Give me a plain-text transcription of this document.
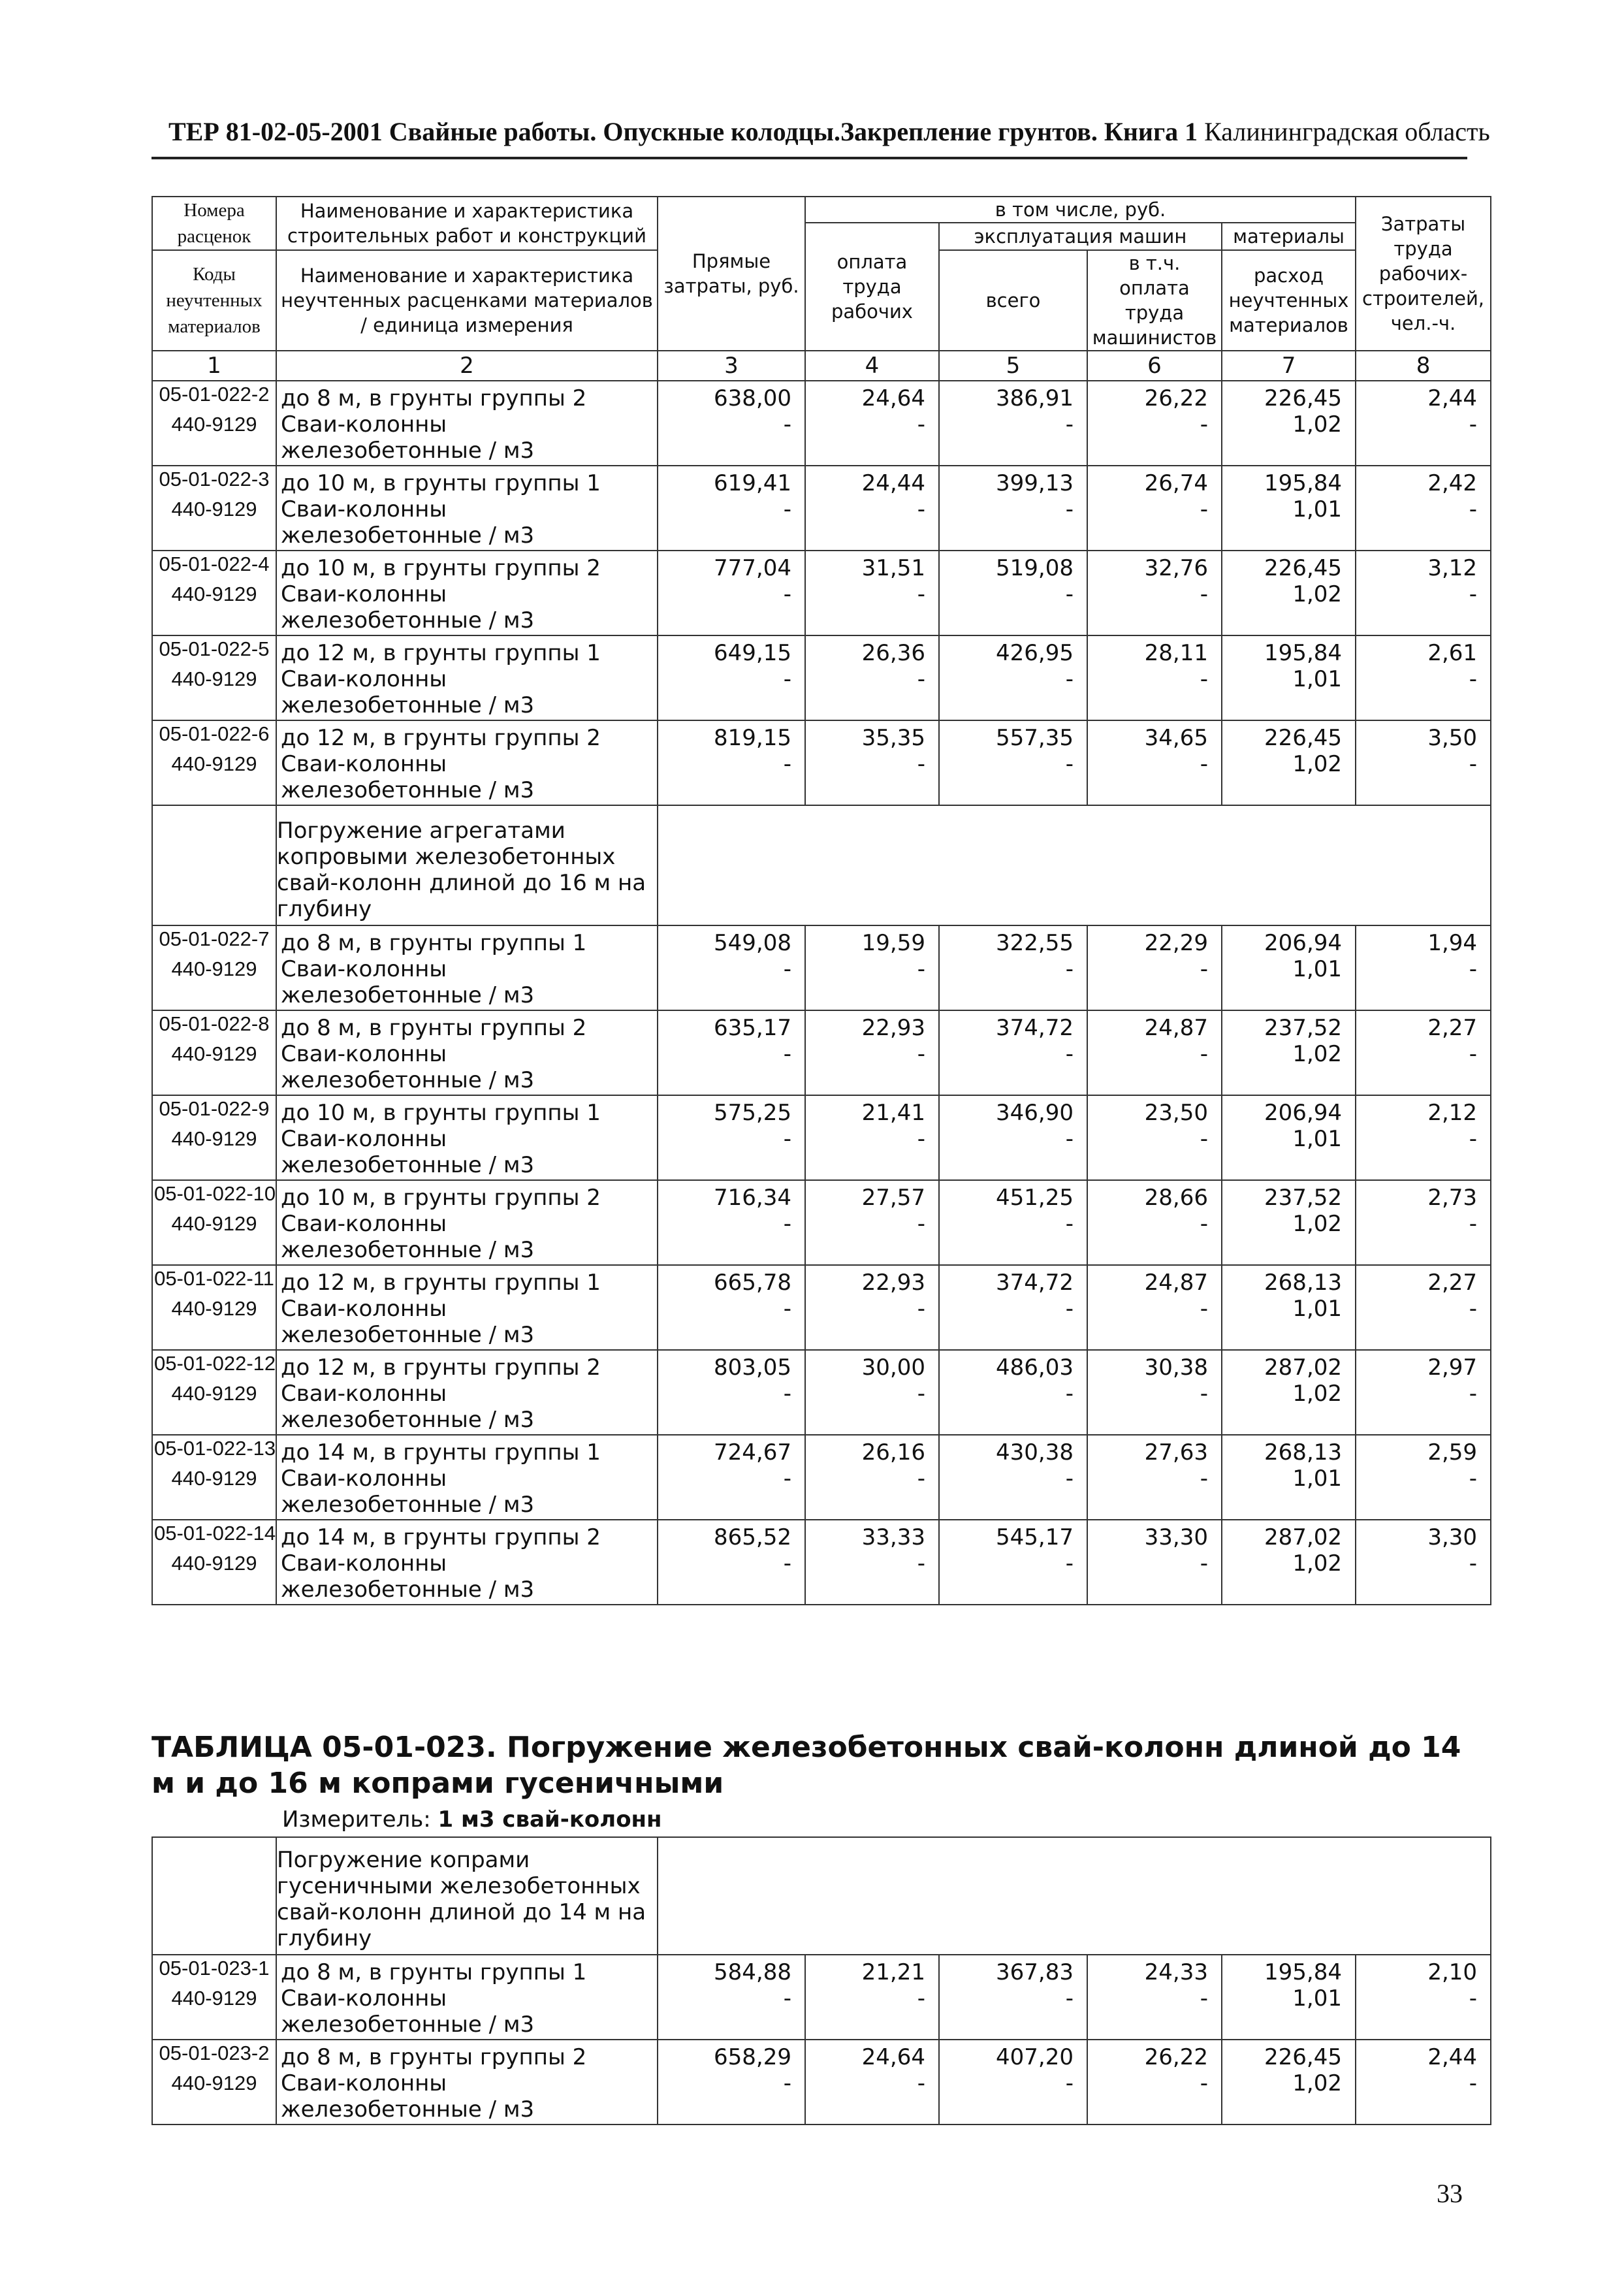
ТЕР 81-02-05-2001 Свайные работы. Опускные колодцы.Закрепление грунтов. Книга 1 Калининградская область
Номера расценок	Наименование и характеристика строительных работ и конструкций	Прямые затраты, руб.	в том числе, руб.				Затраты труда рабочих-строителей, чел.-ч.
			оплата труда рабочих	эксплуатация машин		материалы	
Коды неучтенных материалов	Наименование и характеристика неучтенных расценками материалов / единица измерения			всего	в т.ч. оплата труда машинистов	расход неучтенных материалов	

1	2	3	4	5	6	7	8
05-01-022-2	до 8 м, в грунты группы 2	638,00	24,64	386,91	26,22	226,45	2,44
440-9129	Сваи-колонны железобетонные / м3	-	-	-	-	1,02	-
05-01-022-3	до 10 м, в грунты группы 1	619,41	24,44	399,13	26,74	195,84	2,42
440-9129	Сваи-колонны железобетонные / м3	-	-	-	-	1,01	-
05-01-022-4	до 10 м, в грунты группы 2	777,04	31,51	519,08	32,76	226,45	3,12
440-9129	Сваи-колонны железобетонные / м3	-	-	-	-	1,02	-
05-01-022-5	до 12 м, в грунты группы 1	649,15	26,36	426,95	28,11	195,84	2,61
440-9129	Сваи-колонны железобетонные / м3	-	-	-	-	1,01	-
05-01-022-6	до 12 м, в грунты группы 2	819,15	35,35	557,35	34,65	226,45	3,50
440-9129	Сваи-колонны железобетонные / м3	-	-	-	-	1,02	-
	Погружение агрегатами копровыми железобетонных свай-колонн длиной до 16 м на глубину						
05-01-022-7	до 8 м, в грунты группы 1	549,08	19,59	322,55	22,29	206,94	1,94
440-9129	Сваи-колонны железобетонные / м3	-	-	-	-	1,01	-
05-01-022-8	до 8 м, в грунты группы 2	635,17	22,93	374,72	24,87	237,52	2,27
440-9129	Сваи-колонны железобетонные / м3	-	-	-	-	1,02	-
05-01-022-9	до 10 м, в грунты группы 1	575,25	21,41	346,90	23,50	206,94	2,12
440-9129	Сваи-колонны железобетонные / м3	-	-	-	-	1,01	-
05-01-022-10	до 10 м, в грунты группы 2	716,34	27,57	451,25	28,66	237,52	2,73
440-9129	Сваи-колонны железобетонные / м3	-	-	-	-	1,02	-
05-01-022-11	до 12 м, в грунты группы 1	665,78	22,93	374,72	24,87	268,13	2,27
440-9129	Сваи-колонны железобетонные / м3	-	-	-	-	1,01	-
05-01-022-12	до 12 м, в грунты группы 2	803,05	30,00	486,03	30,38	287,02	2,97
440-9129	Сваи-колонны железобетонные / м3	-	-	-	-	1,02	-
05-01-022-13	до 14 м, в грунты группы 1	724,67	26,16	430,38	27,63	268,13	2,59
440-9129	Сваи-колонны железобетонные / м3	-	-	-	-	1,01	-
05-01-022-14	до 14 м, в грунты группы 2	865,52	33,33	545,17	33,30	287,02	3,30
440-9129	Сваи-колонны железобетонные / м3	-	-	-	-	1,02	-
ТАБЛИЦА 05-01-023. Погружение железобетонных свай-колонн длиной до 14 м и до 16 м копрами гусеничными
Измеритель: 1 м3 свай-колонн
	Погружение копрами гусеничными железобетонных свай-колонн длиной до 14 м на глубину						
05-01-023-1	до 8 м, в грунты группы 1	584,88	21,21	367,83	24,33	195,84	2,10
440-9129	Сваи-колонны железобетонные / м3	-	-	-	-	1,01	-
05-01-023-2	до 8 м, в грунты группы 2	658,29	24,64	407,20	26,22	226,45	2,44
440-9129	Сваи-колонны железобетонные / м3	-	-	-	-	1,02	-
33
